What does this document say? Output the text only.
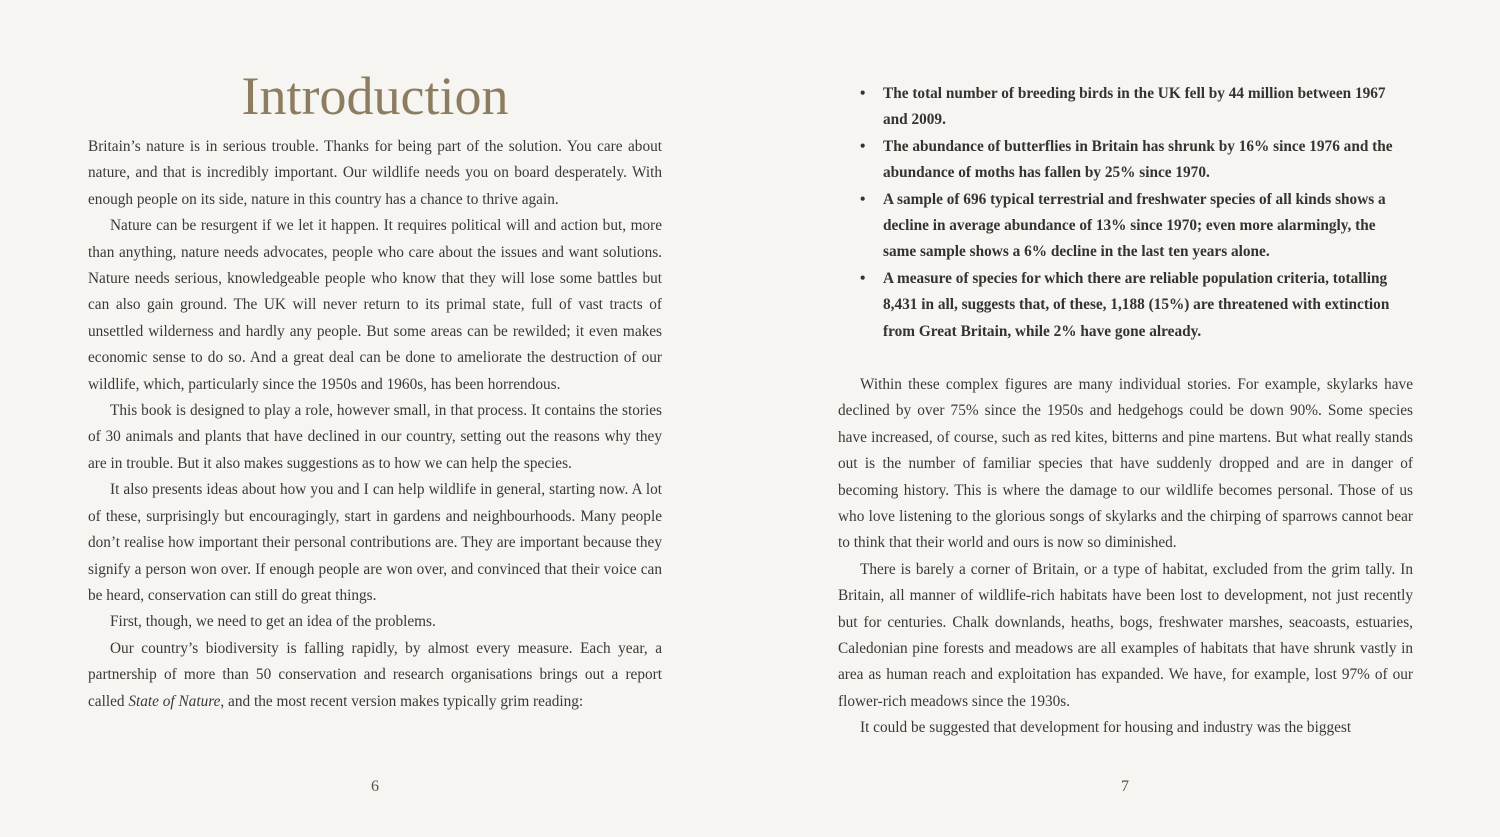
Introduction

Britain’s nature is in serious trouble. Thanks for being part of the solution. You care about nature, and that is incredibly important. Our wildlife needs you on board desperately. With enough people on its side, nature in this country has a chance to thrive again.

Nature can be resurgent if we let it happen. It requires political will and action but, more than anything, nature needs advocates, people who care about the issues and want solutions. Nature needs serious, knowledgeable people who know that they will lose some battles but can also gain ground. The UK will never return to its primal state, full of vast tracts of unsettled wilderness and hardly any people. But some areas can be rewilded; it even makes economic sense to do so. And a great deal can be done to ameliorate the destruction of our wildlife, which, particularly since the 1950s and 1960s, has been horrendous.

This book is designed to play a role, however small, in that process. It contains the stories of 30 animals and plants that have declined in our country, setting out the reasons why they are in trouble. But it also makes suggestions as to how we can help the species.

It also presents ideas about how you and I can help wildlife in general, starting now. A lot of these, surprisingly but encouragingly, start in gardens and neighbourhoods. Many people don’t realise how important their personal contributions are. They are important because they signify a person won over. If enough people are won over, and convinced that their voice can be heard, conservation can still do great things.

First, though, we need to get an idea of the problems.

Our country’s biodiversity is falling rapidly, by almost every measure. Each year, a partnership of more than 50 conservation and research organisations brings out a report called State of Nature, and the most recent version makes typically grim reading:

6
•	The total number of breeding birds in the UK fell by 44 million between 1967 and 2009.
•	The abundance of butterflies in Britain has shrunk by 16% since 1976 and the abundance of moths has fallen by 25% since 1970.
•	A sample of 696 typical terrestrial and freshwater species of all kinds shows a decline in average abundance of 13% since 1970; even more alarmingly, the same sample shows a 6% decline in the last ten years alone.
•	A measure of species for which there are reliable population criteria, totalling 8,431 in all, suggests that, of these, 1,188 (15%) are threatened with extinction from Great Britain, while 2% have gone already.

Within these complex figures are many individual stories. For example, skylarks have declined by over 75% since the 1950s and hedgehogs could be down 90%. Some species have increased, of course, such as red kites, bitterns and pine martens. But what really stands out is the number of familiar species that have suddenly dropped and are in danger of becoming history. This is where the damage to our wildlife becomes personal. Those of us who love listening to the glorious songs of skylarks and the chirping of sparrows cannot bear to think that their world and ours is now so diminished.

There is barely a corner of Britain, or a type of habitat, excluded from the grim tally. In Britain, all manner of wildlife-rich habitats have been lost to development, not just recently but for centuries. Chalk downlands, heaths, bogs, freshwater marshes, seacoasts, estuaries, Caledonian pine forests and meadows are all examples of habitats that have shrunk vastly in area as human reach and exploitation has expanded. We have, for example, lost 97% of our flower-rich meadows since the 1930s.

It could be suggested that development for housing and industry was the biggest

7
